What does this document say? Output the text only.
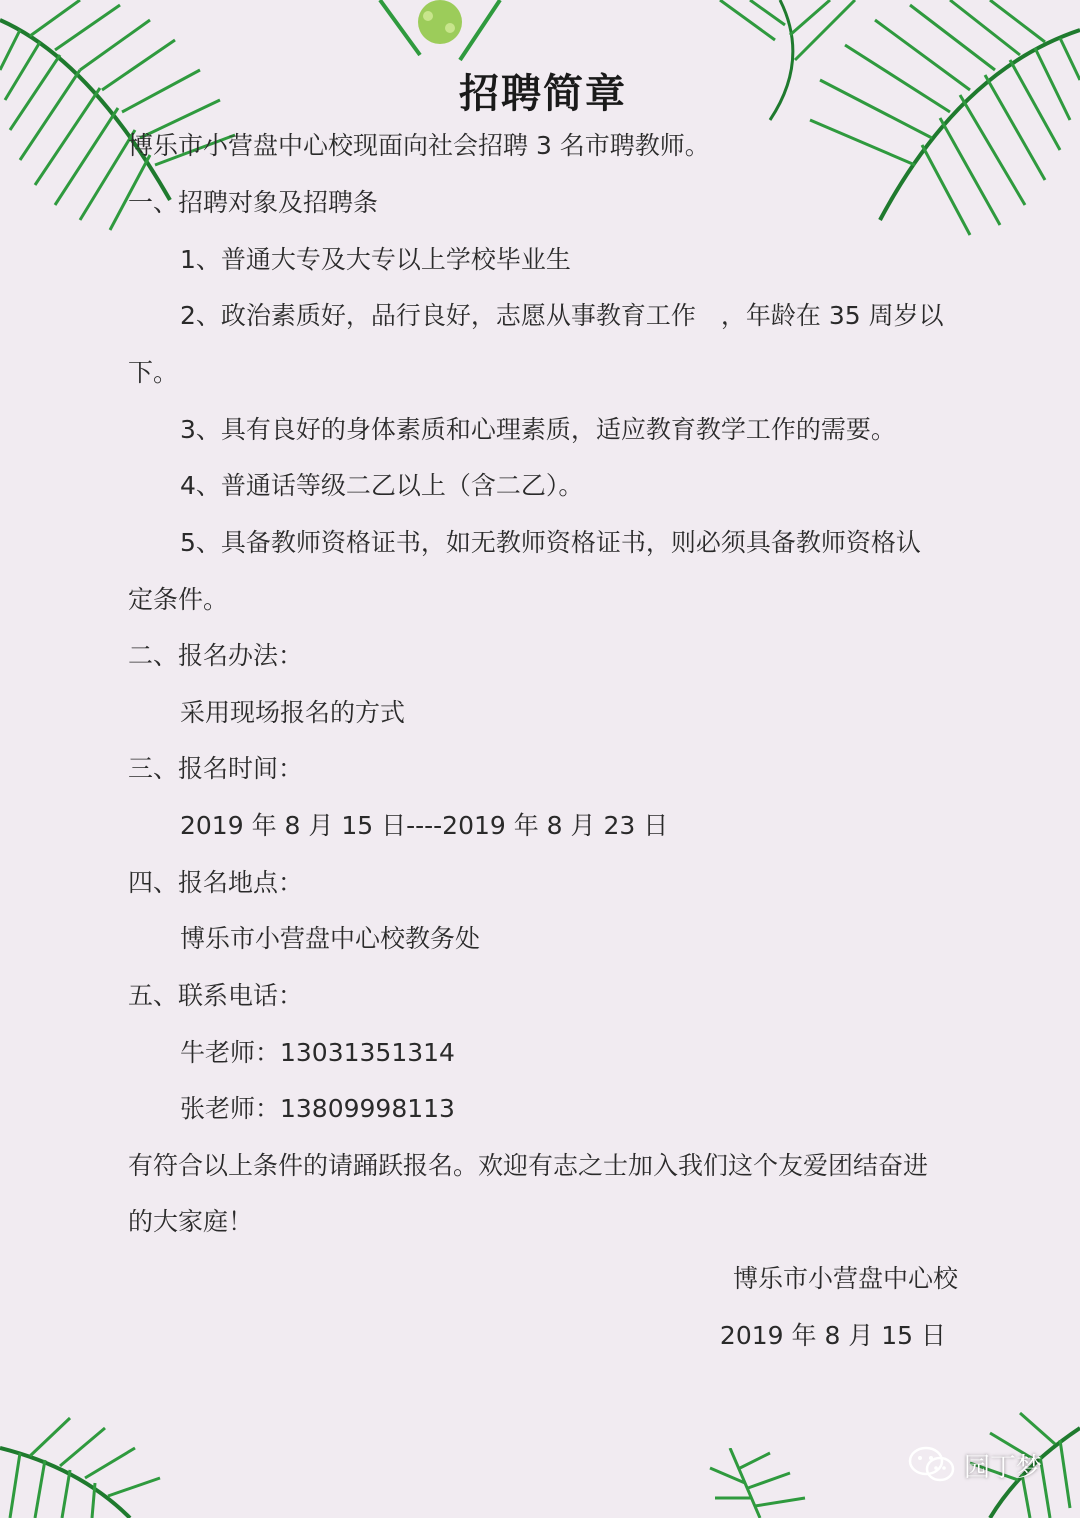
招聘简章
博乐市小营盘中心校现面向社会招聘 3 名市聘教师。
一、招聘对象及招聘条
1、普通大专及大专以上学校毕业生
2、政治素质好，品行良好，志愿从事教育工作　，年龄在 35 周岁以
下。
3、具有良好的身体素质和心理素质，适应教育教学工作的需要。
4、普通话等级二乙以上（含二乙）。
5、具备教师资格证书，如无教师资格证书，则必须具备教师资格认
定条件。
二、报名办法：
采用现场报名的方式
三、报名时间：
2019 年 8 月 15 日----2019 年 8 月 23 日
四、报名地点：
博乐市小营盘中心校教务处
五、联系电话：
牛老师：13031351314
张老师：13809998113
有符合以上条件的请踊跃报名。欢迎有志之士加入我们这个友爱团结奋进
的大家庭！
博乐市小营盘中心校
2019 年 8 月 15 日
园丁梦
